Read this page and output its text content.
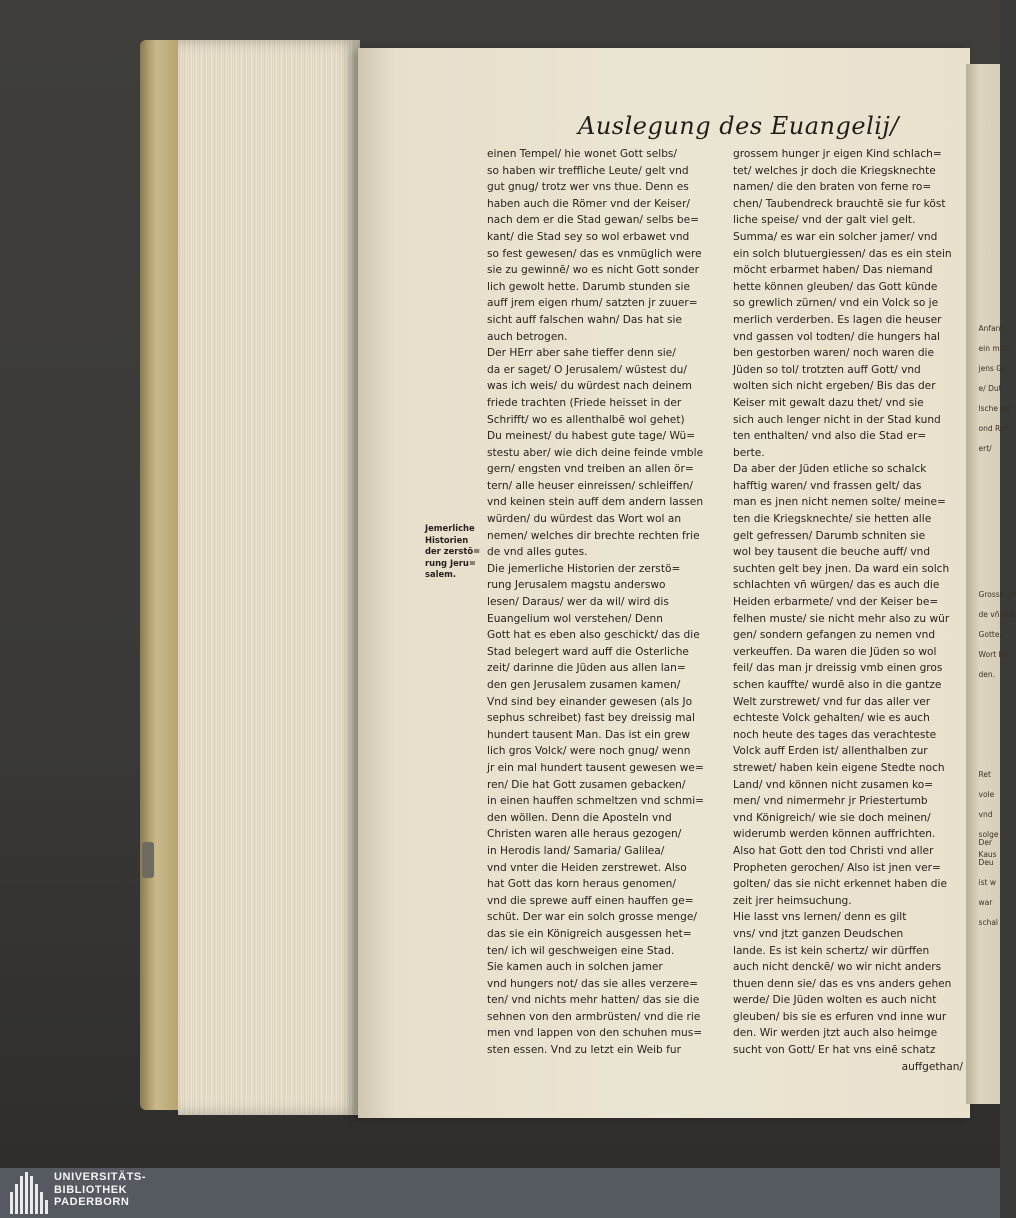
Anfang

ein mölic

jens Go

e/ Dut

lsche ler

ond Rot

ert/

Grosse gn

de vñ sch

Gottes

Wort ha

den.

Ret

vole

vnd

solge

Kaus

Der

Deu

ist w

war

schal

Auslegung des Euangelij/
Jemerliche
Historien
der zerstö=
rung Jeru=
salem.
einen Tempel/ hie wonet Gott selbs/
so haben wir treffliche Leute/ gelt vnd
gut gnug/ trotz wer vns thue. Denn es
haben auch die Römer vnd der Keiser/
nach dem er die Stad gewan/ selbs be=
kant/ die Stad sey so wol erbawet vnd
so fest gewesen/ das es vnmüglich were
sie zu gewinnē/ wo es nicht Gott sonder
lich gewolt hette. Darumb stunden sie
auff jrem eigen rhum/ satzten jr zuuer=
sicht auff falschen wahn/ Das hat sie
auch betrogen.
Der HErr aber sahe tieffer denn sie/
da er saget/ O Jerusalem/ wüstest du/
was ich weis/ du würdest nach deinem
friede trachten (Friede heisset in der
Schrifft/ wo es allenthalbē wol gehet)
Du meinest/ du habest gute tage/ Wü=
stestu aber/ wie dich deine feinde vmble
gern/ engsten vnd treiben an allen ör=
tern/ alle heuser einreissen/ schleiffen/
vnd keinen stein auff dem andern lassen
würden/ du würdest das Wort wol an
nemen/ welches dir brechte rechten frie
de vnd alles gutes.
Die jemerliche Historien der zerstö=
rung Jerusalem magstu anderswo
lesen/ Daraus/ wer da wil/ wird dis
Euangelium wol verstehen/ Denn
Gott hat es eben also geschickt/ das die
Stad belegert ward auff die Osterliche
zeit/ darinne die Jüden aus allen lan=
den gen Jerusalem zusamen kamen/
Vnd sind bey einander gewesen (als Jo
sephus schreibet) fast bey dreissig mal
hundert tausent Man. Das ist ein grew
lich gros Volck/ were noch gnug/ wenn
jr ein mal hundert tausent gewesen we=
ren/ Die hat Gott zusamen gebacken/
in einen hauffen schmeltzen vnd schmi=
den wöllen. Denn die Aposteln vnd
Christen waren alle heraus gezogen/
in Herodis land/ Samaria/ Galilea/
vnd vnter die Heiden zerstrewet. Also
hat Gott das korn heraus genomen/
vnd die sprewe auff einen hauffen ge=
schüt. Der war ein solch grosse menge/
das sie ein Königreich ausgessen het=
ten/ ich wil geschweigen eine Stad.
Sie kamen auch in solchen jamer
vnd hungers not/ das sie alles verzere=
ten/ vnd nichts mehr hatten/ das sie die
sehnen von den armbrüsten/ vnd die rie
men vnd lappen von den schuhen mus=
sten essen. Vnd zu letzt ein Weib fur
grossem hunger jr eigen Kind schlach=
tet/ welches jr doch die Kriegsknechte
namen/ die den braten von ferne ro=
chen/ Taubendreck brauchtē sie fur köst
liche speise/ vnd der galt viel gelt.
Summa/ es war ein solcher jamer/ vnd
ein solch blutuergiessen/ das es ein stein
möcht erbarmet haben/ Das niemand
hette können gleuben/ das Gott künde
so grewlich zürnen/ vnd ein Volck so je
merlich verderben. Es lagen die heuser
vnd gassen vol todten/ die hungers hal
ben gestorben waren/ noch waren die
Jüden so tol/ trotzten auff Gott/ vnd
wolten sich nicht ergeben/ Bis das der
Keiser mit gewalt dazu thet/ vnd sie
sich auch lenger nicht in der Stad kund
ten enthalten/ vnd also die Stad er=
berte.
Da aber der Jüden etliche so schalck
hafftig waren/ vnd frassen gelt/ das
man es jnen nicht nemen solte/ meine=
ten die Kriegsknechte/ sie hetten alle
gelt gefressen/ Darumb schniten sie
wol bey tausent die beuche auff/ vnd
suchten gelt bey jnen. Da ward ein solch
schlachten vn̄ würgen/ das es auch die
Heiden erbarmete/ vnd der Keiser be=
felhen muste/ sie nicht mehr also zu wür
gen/ sondern gefangen zu nemen vnd
verkeuffen. Da waren die Jüden so wol
feil/ das man jr dreissig vmb einen gros
schen kauffte/ wurdē also in die gantze
Welt zurstrewet/ vnd fur das aller ver
echteste Volck gehalten/ wie es auch
noch heute des tages das verachteste
Volck auff Erden ist/ allenthalben zur
strewet/ haben kein eigene Stedte noch
Land/ vnd können nicht zusamen ko=
men/ vnd nimermehr jr Priestertumb
vnd Königreich/ wie sie doch meinen/
widerumb werden können auffrichten.
Also hat Gott den tod Christi vnd aller
Propheten gerochen/ Also ist jnen ver=
golten/ das sie nicht erkennet haben die
zeit jrer heimsuchung.
Hie lasst vns lernen/ denn es gilt
vns/ vnd jtzt ganzen Deudschen
lande. Es ist kein schertz/ wir dürffen
auch nicht denckē/ wo wir nicht anders
thuen denn sie/ das es vns anders gehen
werde/ Die Jüden wolten es auch nicht
gleuben/ bis sie es erfuren vnd inne wur
den. Wir werden jtzt auch also heimge
sucht von Gott/ Er hat vns einē schatz
auffgethan/
UNIVERSITÄTS-
BIBLIOTHEK
PADERBORN
